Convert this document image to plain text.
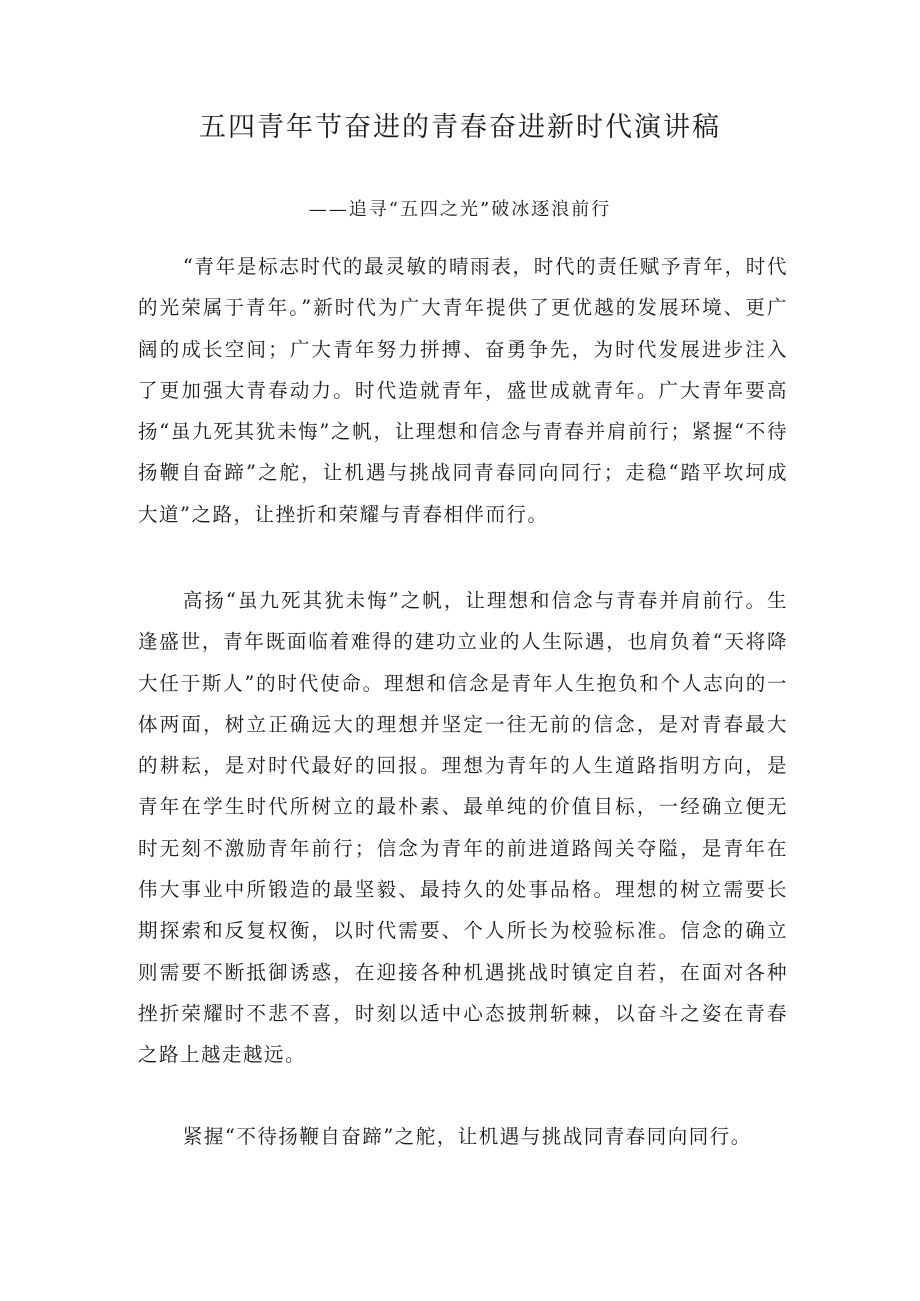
五四青年节奋进的青春奋进新时代演讲稿
——追寻“五四之光”破冰逐浪前行

“青年是标志时代的最灵敏的晴雨表，时代的责任赋予青年，时代的光荣属于青年。”新时代为广大青年提供了更优越的发展环境、更广阔的成长空间；广大青年努力拼搏、奋勇争先，为时代发展进步注入了更加强大青春动力。时代造就青年，盛世成就青年。广大青年要高扬“虽九死其犹未悔”之帆，让理想和信念与青春并肩前行；紧握“不待扬鞭自奋蹄”之舵，让机遇与挑战同青春同向同行；走稳“踏平坎坷成大道”之路，让挫折和荣耀与青春相伴而行。

高扬“虽九死其犹未悔”之帆，让理想和信念与青春并肩前行。生逢盛世，青年既面临着难得的建功立业的人生际遇，也肩负着“天将降大任于斯人”的时代使命。理想和信念是青年人生抱负和个人志向的一体两面，树立正确远大的理想并坚定一往无前的信念，是对青春最大的耕耘，是对时代最好的回报。理想为青年的人生道路指明方向，是青年在学生时代所树立的最朴素、最单纯的价值目标，一经确立便无时无刻不激励青年前行；信念为青年的前进道路闯关夺隘，是青年在伟大事业中所锻造的最坚毅、最持久的处事品格。理想的树立需要长期探索和反复权衡，以时代需要、个人所长为校验标准。信念的确立则需要不断抵御诱惑，在迎接各种机遇挑战时镇定自若，在面对各种挫折荣耀时不悲不喜，时刻以适中心态披荆斩棘，以奋斗之姿在青春之路上越走越远。

紧握“不待扬鞭自奋蹄”之舵，让机遇与挑战同青春同向同行。
